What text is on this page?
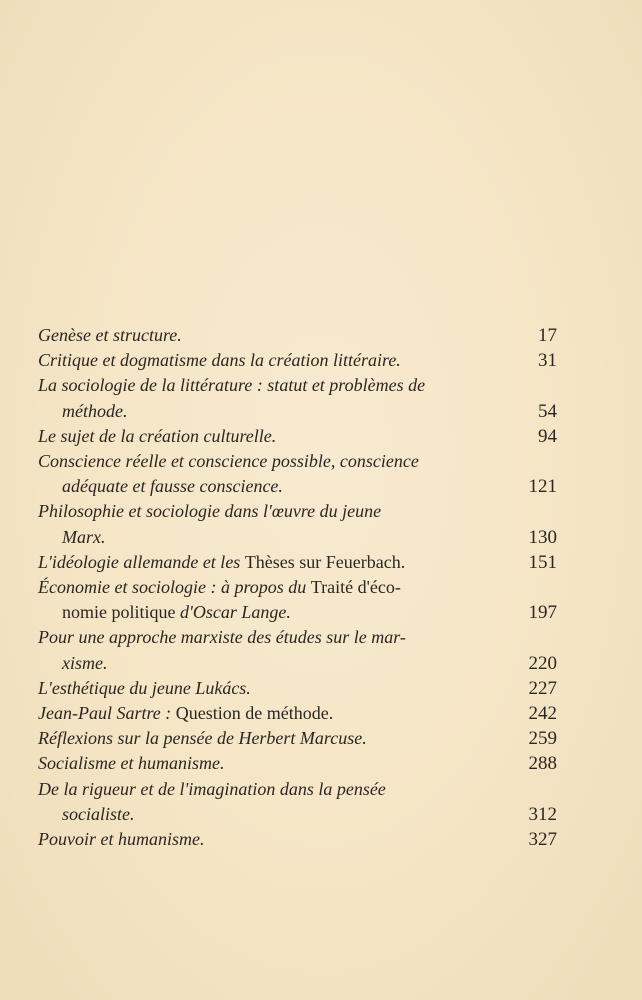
Genèse et structure.	17
Critique et dogmatisme dans la création littéraire.	31
La sociologie de la littérature : statut et problèmes de
méthode.	54
Le sujet de la création culturelle.	94
Conscience réelle et conscience possible, conscience
adéquate et fausse conscience.	121
Philosophie et sociologie dans l'œuvre du jeune
Marx.	130
L'idéologie allemande et les Thèses sur Feuerbach.	151
Économie et sociologie : à propos du Traité d'éco-
nomie politique d'Oscar Lange.	197
Pour une approche marxiste des études sur le mar-
xisme.	220
L'esthétique du jeune Lukács.	227
Jean-Paul Sartre : Question de méthode.	242
Réflexions sur la pensée de Herbert Marcuse.	259
Socialisme et humanisme.	288
De la rigueur et de l'imagination dans la pensée
socialiste.	312
Pouvoir et humanisme.	327
